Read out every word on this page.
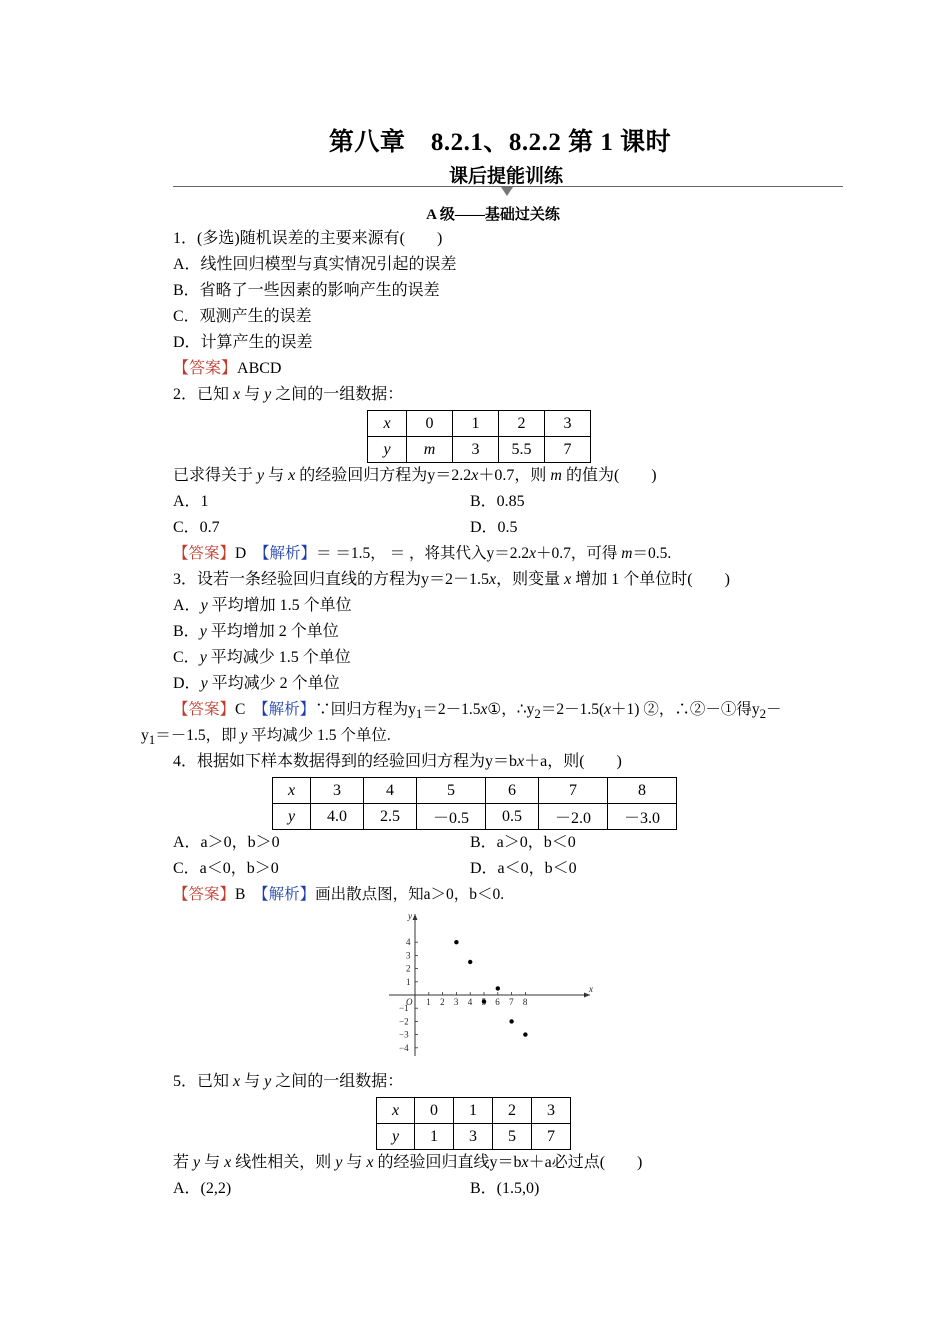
第八章　8.2.1、8.2.2 第 1 课时
课后提能训练
A 级——基础过关练
1．(多选)随机误差的主要来源有(　　)
A．线性回归模型与真实情况引起的误差
B．省略了一些因素的影响产生的误差
C．观测产生的误差
D．计算产生的误差
【答案】ABCD
2．已知 x 与 y 之间的一组数据：
x	0	1	2	3
y	m	3	5.5	7
已求得关于 y 与 x 的经验回归方程为y＝2.2x＋0.7，则 m 的值为(　　)
A．1	B．0.85
C．0.7	D．0.5
【答案】D　 【解析】＝ ＝1.5， ＝ ，将其代入y＝2.2x＋0.7，可得 m＝0.5.
3．设若一条经验回归直线的方程为y＝2－1.5x，则变量 x 增加 1 个单位时(　　)
A．y 平均增加 1.5 个单位
B．y 平均增加 2 个单位
C．y 平均减少 1.5 个单位
D．y 平均减少 2 个单位
【答案】C　 【解析】∵回归方程为$y_1=2-1.5x①$，$\therefore y_2=2-1.5(x+1)$ ②，∴②－①得$y_2-$
$y_1=-1.5$，即 y 平均减少 1.5 个单位.
4．根据如下样本数据得到的经验回归方程为y＝bx＋a，则(　　)
x	3	4	5	6	7	8
y	4.0	2.5	－0.5	0.5	－2.0	－3.0
A．a＞0，b＞0	B．a＞0，b＜0
C．a＜0，b＞0	D．a＜0，b＜0
【答案】B　 【解析】画出散点图，知a＞0，b＜0.
x
y
O 1 2 3 4	6 7 8
1
2
3
4
−1
−2
−3
−4
5．已知 x 与 y 之间的一组数据：
x	0	1	2	3
y	1	3	5	7
若 y 与 x 线性相关，则 y 与 x 的经验回归直线y＝bx＋a必过点(　　)
A．(2,2)	B．(1.5,0)
